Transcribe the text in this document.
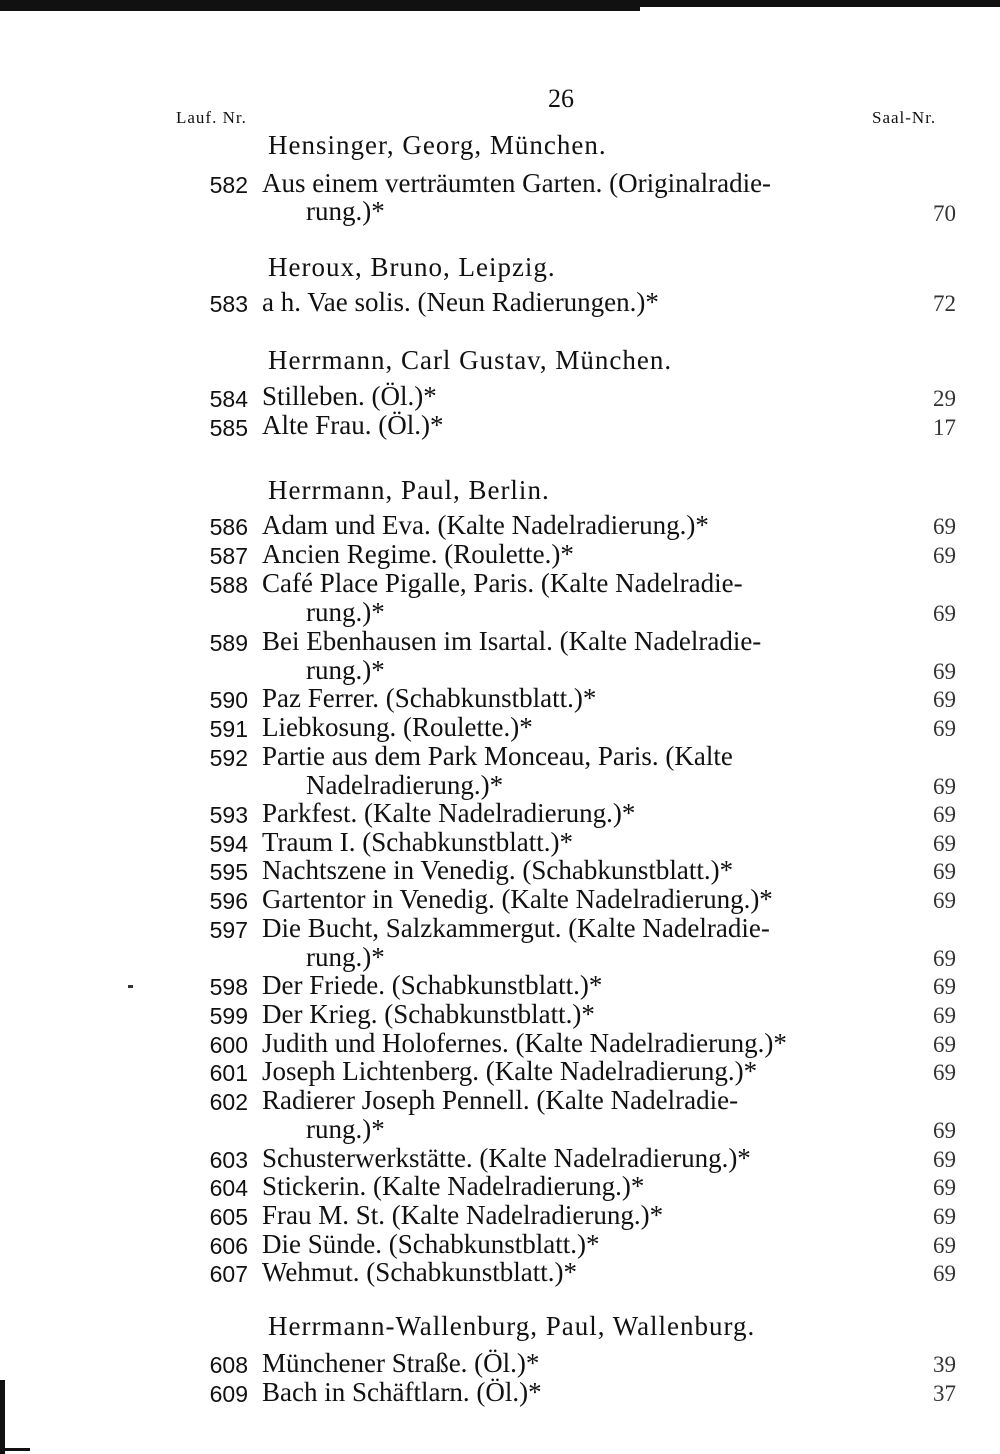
Lauf. Nr.
26
Saal-Nr.
Hensinger, Georg, München.
582 Aus einem verträumten Garten. (Originalradie-
rung.)*	70
Heroux, Bruno, Leipzig.
583 a h. Vae solis. (Neun Radierungen.)*	72
Herrmann, Carl Gustav, München.
584 Stilleben. (Öl.)*	29
585 Alte Frau. (Öl.)*	17
Herrmann, Paul, Berlin.
586 Adam und Eva. (Kalte Nadelradierung.)*	69
587 Ancien Regime. (Roulette.)*	69
588 Café Place Pigalle, Paris. (Kalte Nadelradie-
rung.)*	69
589 Bei Ebenhausen im Isartal. (Kalte Nadelradie-
rung.)*	69
590 Paz Ferrer. (Schabkunstblatt.)*	69
591 Liebkosung. (Roulette.)*	69
592 Partie aus dem Park Monceau, Paris. (Kalte
Nadelradierung.)*	69
593 Parkfest. (Kalte Nadelradierung.)*	69
594 Traum I. (Schabkunstblatt.)*	69
595 Nachtszene in Venedig. (Schabkunstblatt.)*	69
596 Gartentor in Venedig. (Kalte Nadelradierung.)*	69
597 Die Bucht, Salzkammergut. (Kalte Nadelradie-
rung.)*	69
598 Der Friede. (Schabkunstblatt.)*	69
599 Der Krieg. (Schabkunstblatt.)*	69
600 Judith und Holofernes. (Kalte Nadelradierung.)*	69
601 Joseph Lichtenberg. (Kalte Nadelradierung.)*	69
602 Radierer Joseph Pennell. (Kalte Nadelradie-
rung.)*	69
603 Schusterwerkstätte. (Kalte Nadelradierung.)*	69
604 Stickerin. (Kalte Nadelradierung.)*	69
605 Frau M. St. (Kalte Nadelradierung.)*	69
606 Die Sünde. (Schabkunstblatt.)*	69
607 Wehmut. (Schabkunstblatt.)*	69
Herrmann-Wallenburg, Paul, Wallenburg.
608 Münchener Straße. (Öl.)*	39
609 Bach in Schäftlarn. (Öl.)*	37
